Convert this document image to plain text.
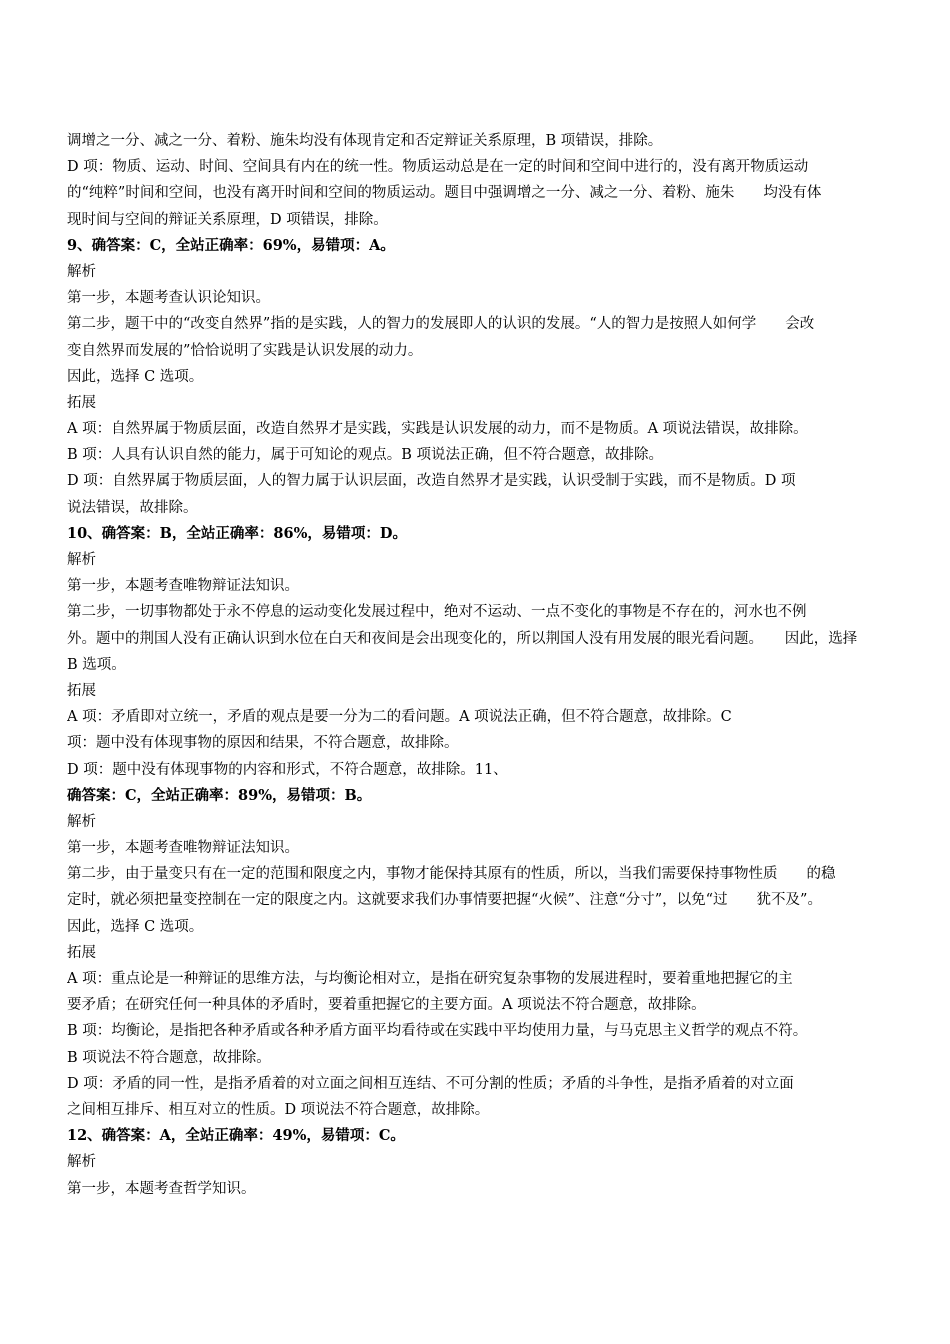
调增之一分、减之一分、着粉、施朱均没有体现肯定和否定辩证关系原理，B 项错误，排除。
D 项：物质、运动、时间、空间具有内在的统一性。物质运动总是在一定的时间和空间中进行的，没有离开物质运动
的“纯粹”时间和空间，也没有离开时间和空间的物质运动。题目中强调增之一分、减之一分、着粉、施朱　　均没有体
现时间与空间的辩证关系原理，D 项错误，排除。
9、确答案：C，全站正确率：69%，易错项：A。
解析
第一步，本题考查认识论知识。
第二步，题干中的“改变自然界”指的是实践，人的智力的发展即人的认识的发展。“人的智力是按照人如何学　　会改
变自然界而发展的”恰恰说明了实践是认识发展的动力。
因此，选择 C 选项。
拓展
A 项：自然界属于物质层面，改造自然界才是实践，实践是认识发展的动力，而不是物质。A 项说法错误，故排除。
B 项：人具有认识自然的能力，属于可知论的观点。B 项说法正确，但不符合题意，故排除。
D 项：自然界属于物质层面，人的智力属于认识层面，改造自然界才是实践，认识受制于实践，而不是物质。D 项
说法错误，故排除。
10、确答案：B，全站正确率：86%，易错项：D。
解析
第一步，本题考查唯物辩证法知识。
第二步，一切事物都处于永不停息的运动变化发展过程中，绝对不运动、一点不变化的事物是不存在的，河水也不例
外。题中的荆国人没有正确认识到水位在白天和夜间是会出现变化的，所以荆国人没有用发展的眼光看问题。　　因此，选择
B 选项。
拓展
A 项：矛盾即对立统一，矛盾的观点是要一分为二的看问题。A 项说法正确，但不符合题意，故排除。C
项：题中没有体现事物的原因和结果，不符合题意，故排除。
D 项：题中没有体现事物的内容和形式，不符合题意，故排除。11、
确答案：C，全站正确率：89%，易错项：B。
解析
第一步，本题考查唯物辩证法知识。
第二步，由于量变只有在一定的范围和限度之内，事物才能保持其原有的性质，所以，当我们需要保持事物性质　　的稳
定时，就必须把量变控制在一定的限度之内。这就要求我们办事情要把握“火候”、注意“分寸”，以免“过　　犹不及”。
因此，选择 C 选项。
拓展
A 项：重点论是一种辩证的思维方法，与均衡论相对立，是指在研究复杂事物的发展进程时，要着重地把握它的主
要矛盾；在研究任何一种具体的矛盾时，要着重把握它的主要方面。A 项说法不符合题意，故排除。
B 项：均衡论，是指把各种矛盾或各种矛盾方面平均看待或在实践中平均使用力量，与马克思主义哲学的观点不符。
B 项说法不符合题意，故排除。
D 项：矛盾的同一性，是指矛盾着的对立面之间相互连结、不可分割的性质；矛盾的斗争性，是指矛盾着的对立面
之间相互排斥、相互对立的性质。D 项说法不符合题意，故排除。
12、确答案：A，全站正确率：49%，易错项：C。
解析
第一步，本题考查哲学知识。
